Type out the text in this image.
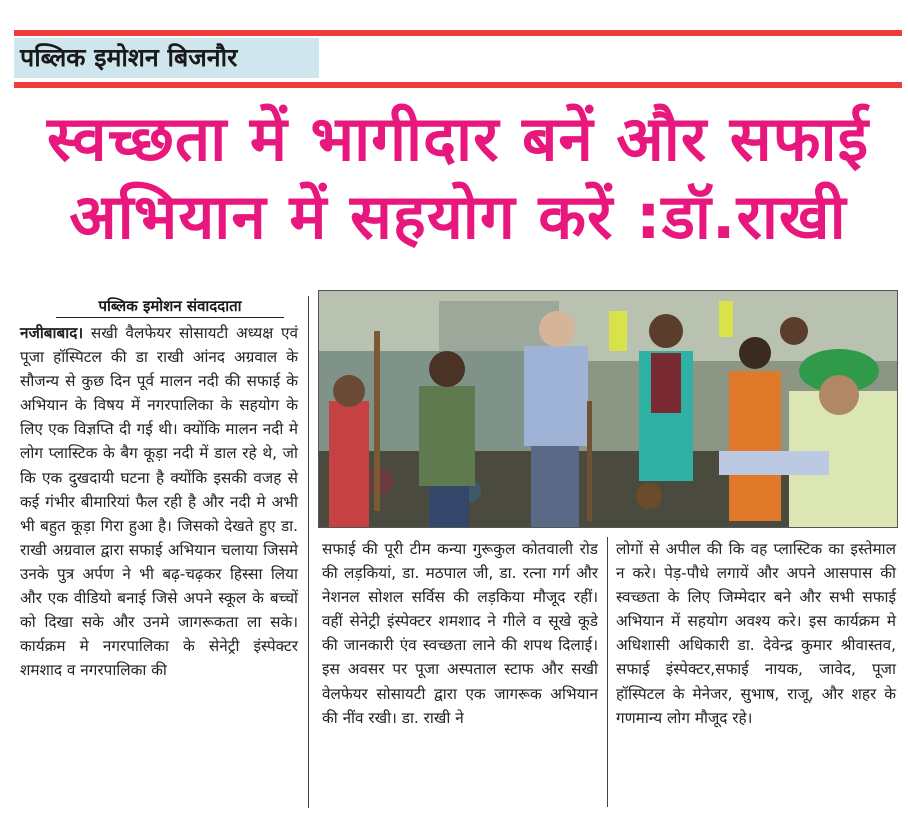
पब्लिक इमोशन बिजनौर
स्वच्छता में भागीदार बनें और सफाई
अभियान में सहयोग करें :डॉ.राखी
पब्लिक इमोशन संवाददाता
नजीबाबाद। सखी वैलफेयर सोसायटी अध्यक्ष एवं पूजा हॉस्पिटल की डा राखी आंनद अग्रवाल के सौजन्य से कुछ दिन पूर्व मालन नदी की सफाई के अभियान के विषय में नगरपालिका के सहयोग के लिए एक विज्ञप्ति दी गई थी। क्योंकि मालन नदी मे लोग प्लास्टिक के बैग कूड़ा नदी में डाल रहे थे, जो कि एक दुखदायी घटना है क्योंकि इसकी वजह से कई गंभीर बीमारियां फैल रही है और नदी मे अभी भी बहुत कूड़ा गिरा हुआ है। जिसको देखते हुए डा. राखी अग्रवाल द्वारा सफाई अभियान चलाया जिसमे उनके पुत्र अर्पण ने भी बढ़-चढ़कर हिस्सा लिया और एक वीडियो बनाई जिसे अपने स्कूल के बच्चों को दिखा सके और उनमे जागरूकता ला सके। कार्यक्रम मे नगरपालिका के सेनेट्री इंस्पेक्टर शमशाद व नगरपालिका की
सफाई की पूरी टीम कन्या गुरूकुल कोतवाली रोड की लड़कियां, डा. मठपाल जी, डा. रत्ना गर्ग और नेशनल सोशल सर्विस की लड़किया मौजूद रहीं। वहीं सेनेट्री इंस्पेक्टर शमशाद ने गीले व सूखे कूडे की जानकारी एंव स्वच्छता लाने की शपथ दिलाई। इस अवसर पर पूजा अस्पताल स्टाफ और सखी वेलफेयर सोसायटी द्वारा एक जागरूक अभियान की नींव रखी। डा. राखी ने
लोगों से अपील की कि वह प्लास्टिक का इस्तेमाल न करे। पेड़-पौधे लगायें और अपने आसपास की स्वच्छता के लिए जिम्मेदार बने और सभी सफाई अभियान में सहयोग अवश्य करे। इस कार्यक्रम मे अधिशासी अधिकारी डा. देवेन्द्र कुमार श्रीवास्तव, सफाई इंस्पेक्टर,सफाई नायक, जावेद, पूजा हॉस्पिटल के मेनेजर, सुभाष, राजू, और शहर के गणमान्य लोग मौजूद रहे।
